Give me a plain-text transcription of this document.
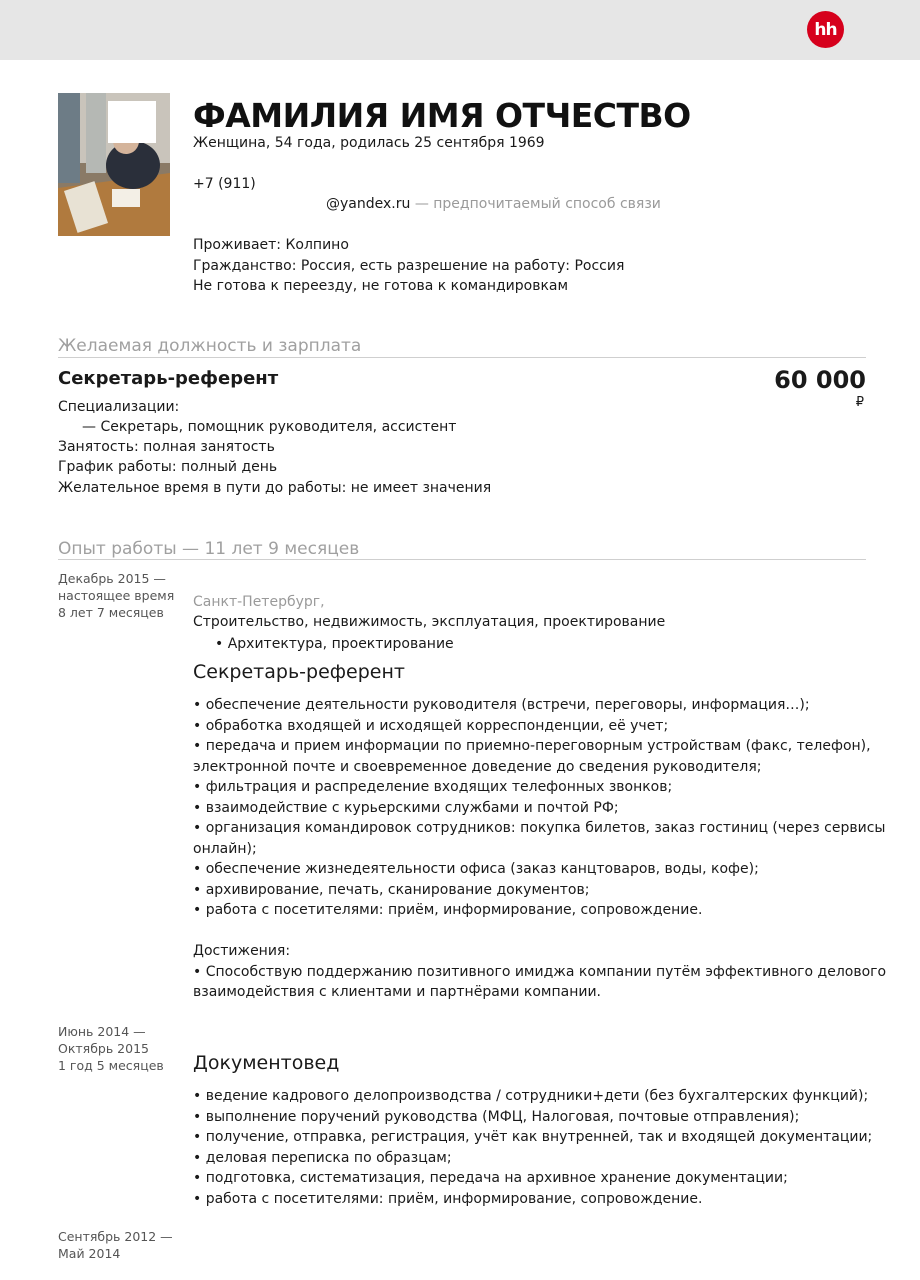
hh
ФАМИЛИЯ ИМЯ ОТЧЕСТВО
Женщина, 54 года, родилась 25 сентября 1969
+7 (911)
@yandex.ru — предпочитаемый способ связи
Проживает: Колпино
Гражданство: Россия, есть разрешение на работу: Россия
Не готова к переезду, не готова к командировкам
Желаемая должность и зарплата
Секретарь-референт	60 000
₽
Специализации:
— Секретарь, помощник руководителя, ассистент
Занятость: полная занятость
График работы: полный день
Желательное время в пути до работы: не имеет значения
Опыт работы — 11 лет 9 месяцев
Декабрь 2015 —
настоящее время
8 лет 7 месяцев
Санкт-Петербург,
Строительство, недвижимость, эксплуатация, проектирование
• Архитектура, проектирование
Секретарь-референт
• обеспечение деятельности руководителя (встречи, переговоры, информация…);
• обработка входящей и исходящей корреспонденции, её учет;
• передача и прием информации по приемно-переговорным устройствам (факс, телефон),
электронной почте и своевременное доведение до сведения руководителя;
• фильтрация и распределение входящих телефонных звонков;
• взаимодействие с курьерскими службами и почтой РФ;
• организация командировок сотрудников: покупка билетов, заказ гостиниц (через сервисы
онлайн);
• обеспечение жизнедеятельности офиса (заказ канцтоваров, воды, кофе);
• архивирование, печать, сканирование документов;
• работа с посетителями: приём, информирование, сопровождение.
Достижения:
• Способствую поддержанию позитивного имиджа компании путём эффективного делового
взаимодействия с клиентами и партнёрами компании.
Июнь 2014 —
Октябрь 2015
1 год 5 месяцев Документовед
• ведение кадрового делопроизводства / сотрудники+дети (без бухгалтерских функций);
• выполнение поручений руководства (МФЦ, Налоговая, почтовые отправления);
• получение, отправка, регистрация, учёт как внутренней, так и входящей документации;
• деловая переписка по образцам;
• подготовка, систематизация, передача на архивное хранение документации;
• работа с посетителями: приём, информирование, сопровождение.
Сентябрь 2012 —
Май 2014
